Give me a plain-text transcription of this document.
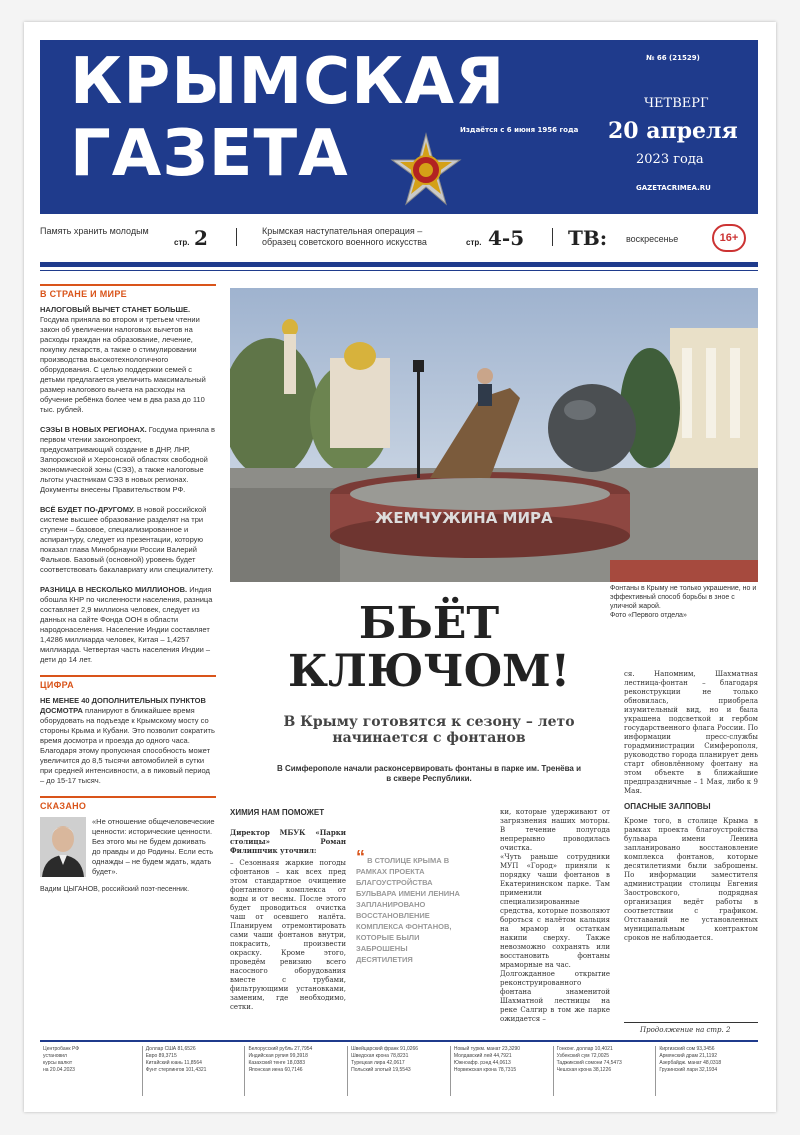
КРЫМСКАЯ
ГАЗЕТА	Издаётся с 6 июня 1956 года
№ 66 (21529)
ЧЕТВЕРГ
20 апреля
2023 года
GAZETACRIMEA.RU
Память хранить молодым
стр. 2	Крымская наступательная операция – образец советского военного искусства	стр. 4-5 ТВ: воскресенье	16+
В СТРАНЕ И МИРЕ
НАЛОГОВЫЙ ВЫЧЕТ СТАНЕТ БОЛЬШЕ. Госдума приняла во втором и третьем чтении закон об увеличении налоговых вычетов на расходы граждан на образование, лечение, покупку лекарств, а также о стимулировании производства высокотехнологичного оборудования. С целью поддержки семей с детьми предлагается увеличить максимальный размер налогового вычета на расходы на обучение ребёнка более чем в два раза до 110 тыс. рублей.
СЭЗЫ В НОВЫХ РЕГИОНАХ. Госдума приняла в первом чтении законопроект, предусматривающий создание в ДНР, ЛНР, Запорожской и Херсонской областях свободной экономической зоны (СЭЗ), а также налоговые льготы участникам СЭЗ в новых регионах. Документы внесены Правительством РФ.
ВСЁ БУДЕТ ПО-ДРУГОМУ. В новой российской системе высшее образование разделят на три ступени – базовое, специализированное и аспирантуру, следует из презентации, которую показал глава Минобрнауки России Валерий Фальков. Базовый (основной) уровень будет соответствовать бакалавриату или специалитету.
РАЗНИЦА В НЕСКОЛЬКО МИЛЛИОНОВ. Индия обошла КНР по численности населения, разница составляет 2,9 миллиона человек, следует из данных на сайте Фонда ООН в области народонаселения. Население Индии составляет 1,4286 миллиарда человек, Китая – 1,4257 миллиарда. Четвертая часть населения Индии – дети до 14 лет.
ЦИФРА
НЕ МЕНЕЕ 40 ДОПОЛНИТЕЛЬНЫХ ПУНКТОВ ДОСМОТРА планируют в ближайшее время оборудовать на подъезде к Крымскому мосту со стороны Крыма и Кубани. Это позволит сократить время досмотра и проезда до одного часа. Благодаря этому пропускная способность может увеличится до 8,5 тысячи автомобилей в сутки при средней интенсивности, а в пиковый период – до 15-17 тысяч.
СКАЗАНО
«Не отношение общечеловеческие ценности: исторические ценности. Без этого мы не будем доживать до правды и до Родины. Если есть однажды – не будем ждать, ждать будет».
Вадим ЦЫГАНОВ, российский поэт-песенник.
ЖЕМЧУЖИНА МИРА
Фонтаны в Крыму не только украшение, но и эффективный способ борьбы в зное с уличной жарой.
Фото «Первого отдела»
БЬЁТ
КЛЮЧОМ!
В Крыму готовятся к сезону – лето начинается с фонтанов
В Симферополе начали расконсервировать фонтаны в парке им. Тренёва и в сквере Республики.
ХИМИЯ НАМ ПОМОЖЕТ

Директор МБУК «Парки столицы» Роман Филиппчик уточнил:

– Сезоннаяя жаркие погоды сфонтанов – как всех пред этом стандартное очищение фонтанного комплекса от воды и от весны. После этого будет проводиться очистка чаш от осевшего налёта. Планируем отремонтировать сами чаши фонтанов внутри, покрасить, произвести окраску. Кроме этого, проведём ревизию всего насосного оборудования вместе с трубами, фильтрующими установками, заменим, где необходимо, сетки.

“ В СТОЛИЦЕ КРЫМА В РАМКАХ ПРОЕКТА БЛАГОУСТРОЙСТВА БУЛЬВАРА ИМЕНИ ЛЕНИНА ЗАПЛАНИРОВАНО ВОССТАНОВЛЕНИЕ КОМПЛЕКСА ФОНТАНОВ, КОТОРЫЕ БЫЛИ ЗАБРОШЕНЫ ДЕСЯТИЛЕТИЯ
ки, которые удерживают от загрязнения наших моторы. В течение полугода непрерывно проводилась очистка.
«Чуть раньше сотрудники МУП «Город» приняли к порядку чаши фонтанов в Екатерининском парке. Там применили специализированные средства, которые позволяют бороться с налётом кальция на мрамор и остаткам накипи сверху. Также невозможно сохранять или восстановить фонтаны мраморные на час.
Долгожданное открытие реконструированного фонтана знаменитой Шахматной лестницы на реке Салгир в том же парке ожидается –

ся. Напомним, Шахматная лестница-фонтан – благодаря реконструкции не только обновилась, приобрела изумительный вид, но и была украшена подсветкой и гербом государственного флага России. По информации пресс-службы горадминистрации Симферополя, руководство города планирует день старт обновлённому фонтану на этом объекте в ближайшие предпраздничные – 1 Мая, либо к 9 Мая.

ОПАСНЫЕ ЗАЛПОВЫ

Кроме того, в столице Крыма в рамках проекта благоустройства бульвара имени Ленина запланировано восстановление комплекса фонтанов, которые десятилетиями были заброшены. По информации заместителя администрации столицы Евгения Заостровского, подрядная организация ведёт работы в соответствии с графиком. Отставаний не установленных муниципальным контрактом сроков не наблюдается.

Продолжение на стр. 2
Центробанк РФ
установил
курсы валют
на 20.04.2023
Доллар США 81,6526
Евро 89,3715
Китайский юань 11,8564
Фунт стерлингов 101,4321
Белорусский рубль 27,7954
Индийская рупия 99,3918
Казахский тенге 18,0383
Японская иена 60,7146
Швейцарский франк 91,0266
Шведская крона 78,8231
Турецкая лира 42,0617
Польский злотый 19,5543
Новый туркм. манат 23,3290
Молдавский лей 44,7921
Южноафр. рэнд 44,0613
Норвежская крона 78,7315
Гонконг. доллар 10,4021
Узбекский сум 72,0025
Таджикский сомони 74,5473
Чешская крона 38,1226
Киргизский сом 93,3456
Армянский драм 21,1192
Азербайдж. манат 48,0318
Грузинский лари 32,1934
